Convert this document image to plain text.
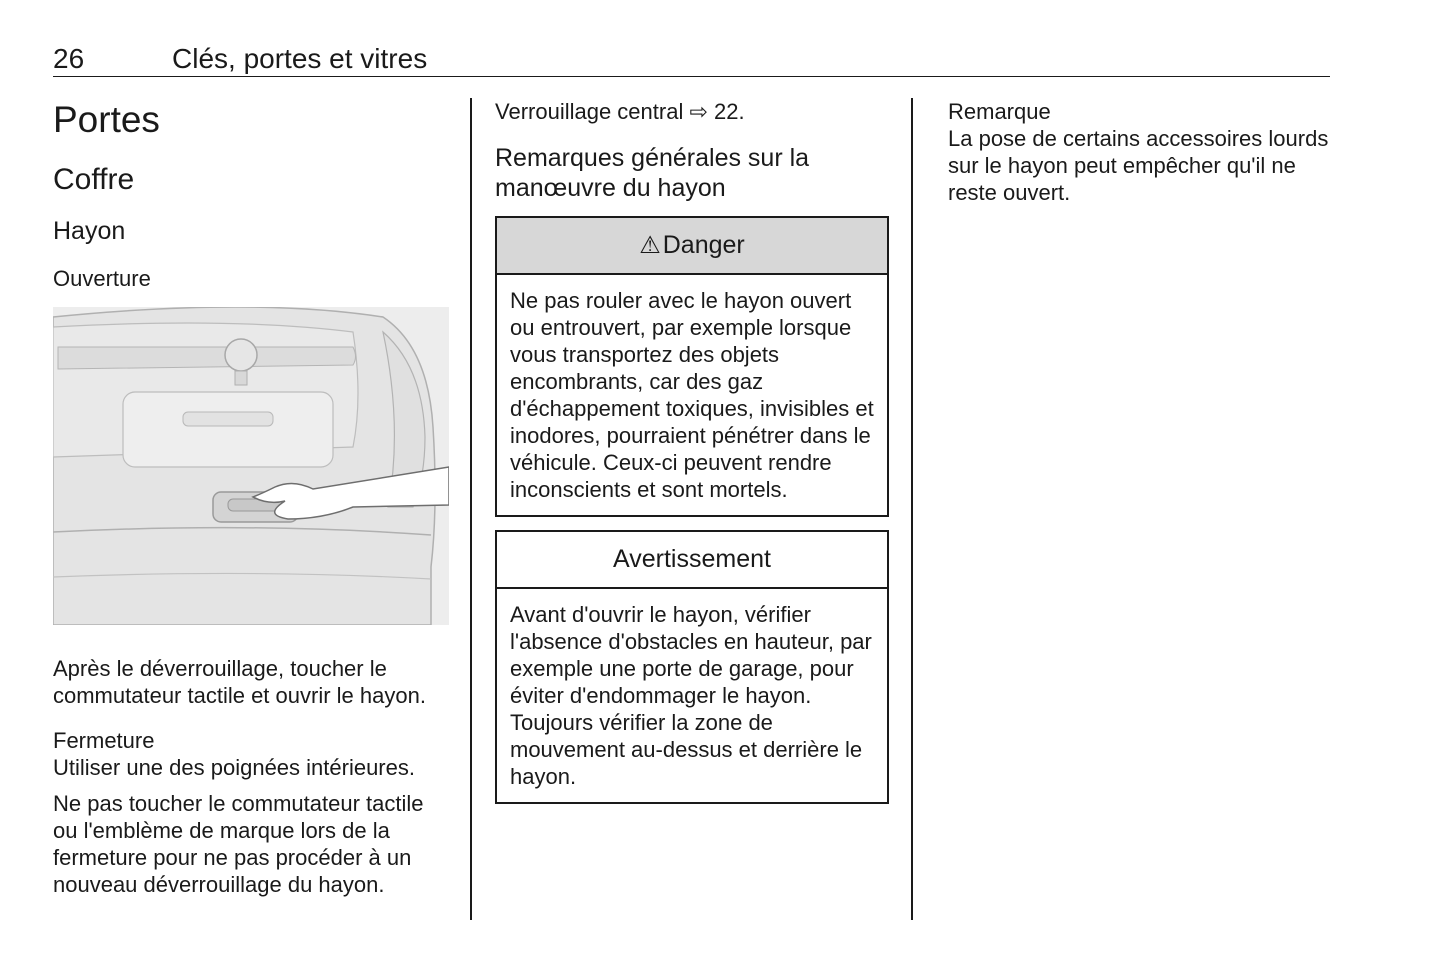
26	Clés, portes et vitres
Portes
Coffre
Hayon
Ouverture
Après le déverrouillage, toucher le commutateur tactile et ouvrir le hayon.
Fermeture
Utiliser une des poignées intérieures.
Ne pas toucher le commutateur tactile ou l'emblème de marque lors de la fermeture pour ne pas procéder à un nouveau déverrouillage du hayon.
Verrouillage central ⇨ 22.
Remarques générales sur la manœuvre du hayon
⚠ Danger
Ne pas rouler avec le hayon ouvert ou entrouvert, par exemple lorsque vous transportez des objets encombrants, car des gaz d'échappement toxiques, invisibles et inodores, pourraient pénétrer dans le véhicule. Ceux-ci peuvent rendre inconscients et sont mortels.
Avertissement
Avant d'ouvrir le hayon, vérifier l'absence d'obstacles en hauteur, par exemple une porte de garage, pour éviter d'endommager le hayon. Toujours vérifier la zone de mouvement au-dessus et derrière le hayon.
Remarque
La pose de certains accessoires lourds sur le hayon peut empêcher qu'il ne reste ouvert.
